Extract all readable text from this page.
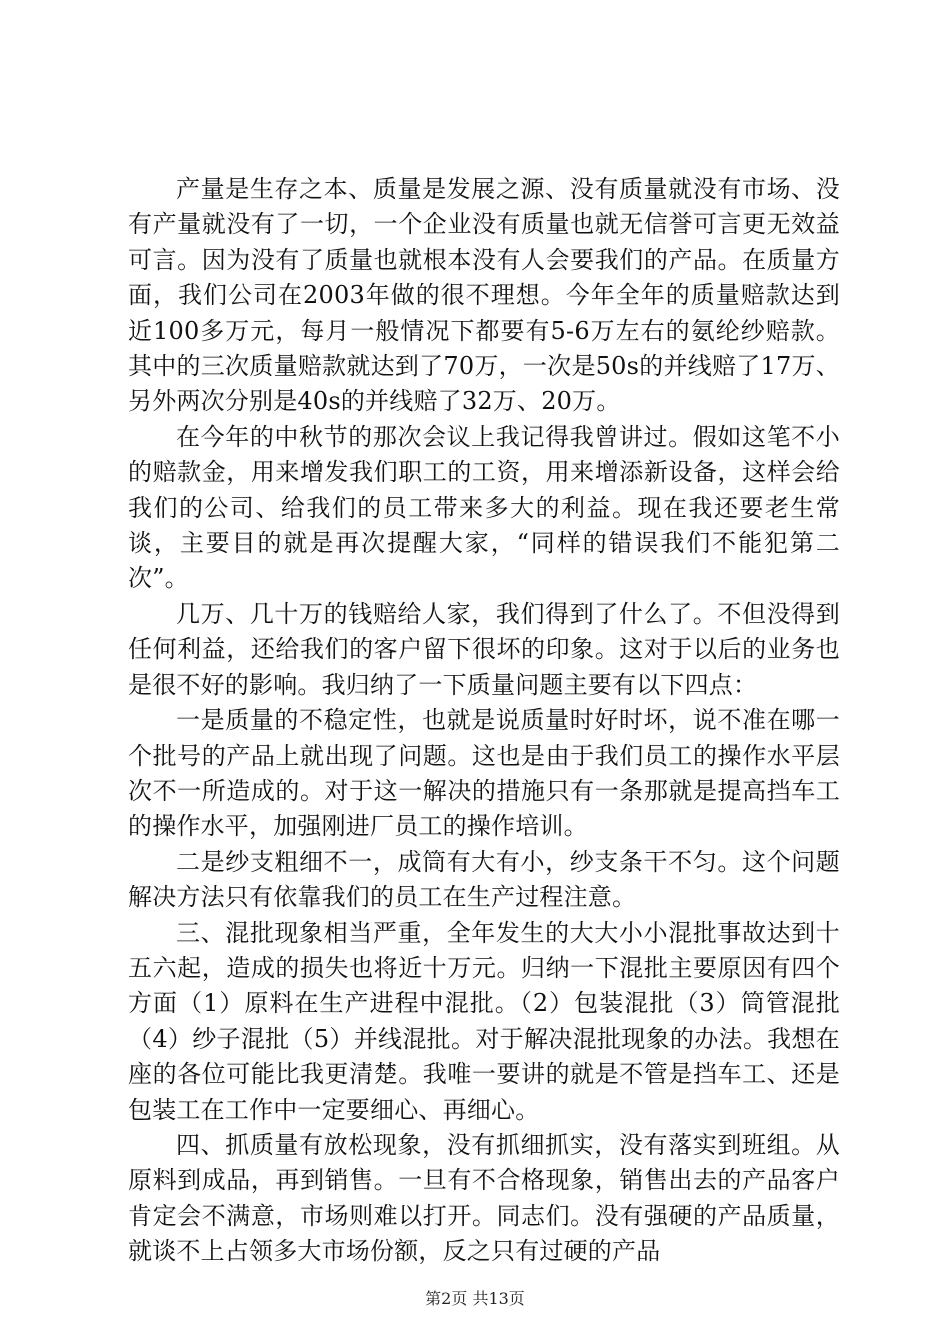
产量是生存之本、质量是发展之源、没有质量就没有市场、没有产量就没有了一切，一个企业没有质量也就无信誉可言更无效益可言。因为没有了质量也就根本没有人会要我们的产品。在质量方面，我们公司在2003年做的很不理想。今年全年的质量赔款达到近100多万元，每月一般情况下都要有5-6万左右的氨纶纱赔款。其中的三次质量赔款就达到了70万，一次是50s的并线赔了17万、另外两次分别是40s的并线赔了32万、20万。

在今年的中秋节的那次会议上我记得我曾讲过。假如这笔不小的赔款金，用来增发我们职工的工资，用来增添新设备，这样会给我们的公司、给我们的员工带来多大的利益。现在我还要老生常谈，主要目的就是再次提醒大家，“同样的错误我们不能犯第二次”。

几万、几十万的钱赔给人家，我们得到了什么了。不但没得到任何利益，还给我们的客户留下很坏的印象。这对于以后的业务也是很不好的影响。我归纳了一下质量问题主要有以下四点：

一是质量的不稳定性，也就是说质量时好时坏，说不准在哪一个批号的产品上就出现了问题。这也是由于我们员工的操作水平层次不一所造成的。对于这一解决的措施只有一条那就是提高挡车工的操作水平，加强刚进厂员工的操作培训。

二是纱支粗细不一，成筒有大有小，纱支条干不匀。这个问题解决方法只有依靠我们的员工在生产过程注意。

三、混批现象相当严重，全年发生的大大小小混批事故达到十五六起，造成的损失也将近十万元。归纳一下混批主要原因有四个方面（1）原料在生产进程中混批。（2）包装混批（3）筒管混批（4）纱子混批（5）并线混批。对于解决混批现象的办法。我想在座的各位可能比我更清楚。我唯一要讲的就是不管是挡车工、还是包装工在工作中一定要细心、再细心。

四、抓质量有放松现象，没有抓细抓实，没有落实到班组。从原料到成品，再到销售。一旦有不合格现象，销售出去的产品客户肯定会不满意，市场则难以打开。同志们。没有强硬的产品质量，就谈不上占领多大市场份额，反之只有过硬的产品

第2页 共13页
